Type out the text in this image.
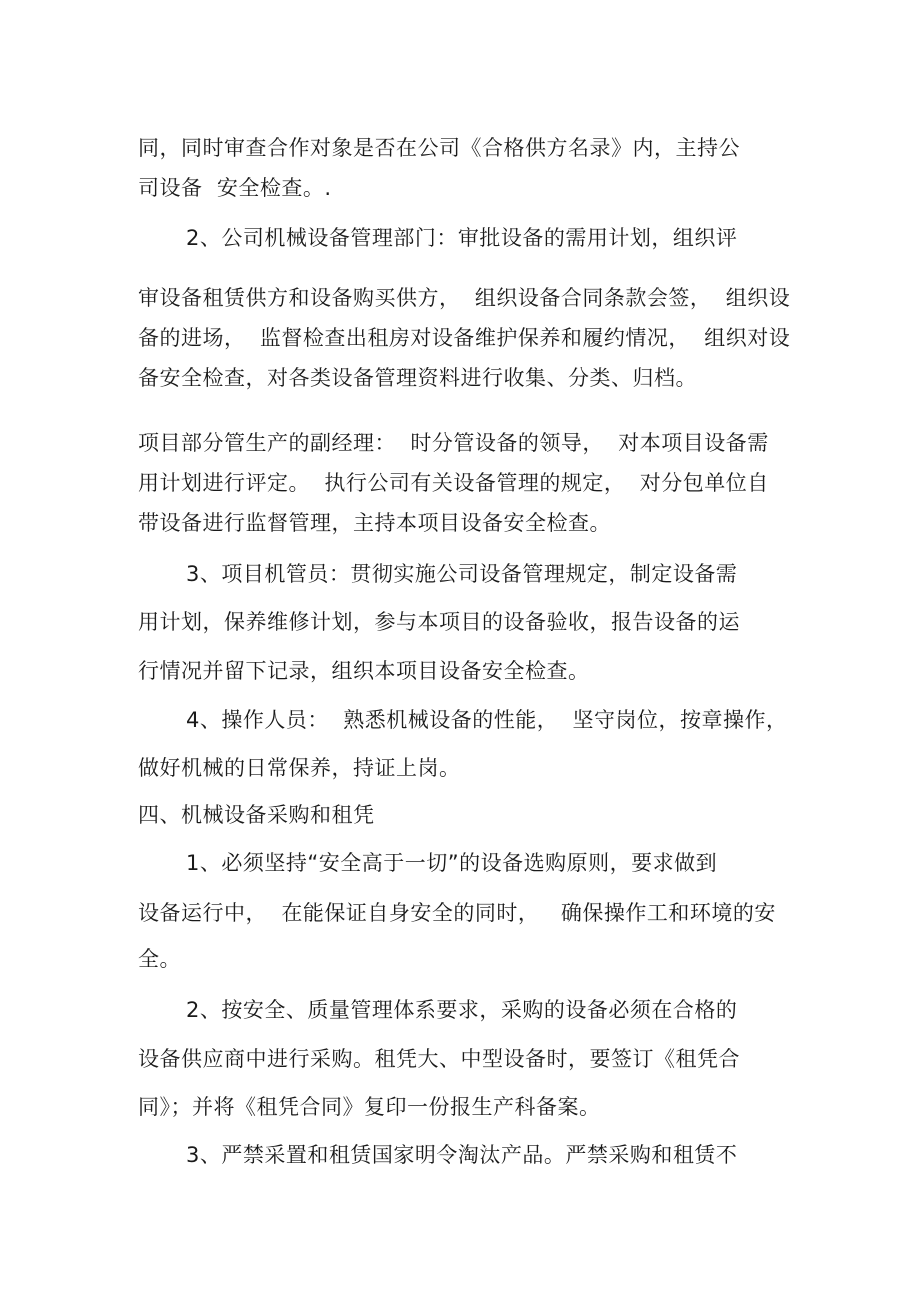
同，同时审查合作对象是否在公司《合格供方名录》内，主持公
司设备  安全检查。.
2、公司机械设备管理部门：审批设备的需用计划，组织评
审设备租赁供方和设备购买供方，  组织设备合同条款会签，  组织设
备的进场，  监督检查出租房对设备维护保养和履约情况，  组织对设
备安全检查，对各类设备管理资料进行收集、分类、归档。
项目部分管生产的副经理：  时分管设备的领导，  对本项目设备需
用计划进行评定。  执行公司有关设备管理的规定，  对分包单位自
带设备进行监督管理，主持本项目设备安全检查。
3、项目机管员：贯彻实施公司设备管理规定，制定设备需
用计划，保养维修计划，参与本项目的设备验收，报告设备的运
行情况并留下记录，组织本项目设备安全检查。
4、操作人员：  熟悉机械设备的性能，  坚守岗位，按章操作，
做好机械的日常保养，持证上岗。
四、机械设备采购和租凭
1、必须坚持“安全高于一切”的设备选购原则，要求做到
设备运行中，  在能保证自身安全的同时，   确保操作工和环境的安
全。
2、按安全、质量管理体系要求，采购的设备必须在合格的
设备供应商中进行采购。租凭大、中型设备时，要签订《租凭合
同》；并将《租凭合同》复印一份报生产科备案。
3、严禁采置和租赁国家明令淘汰产品。严禁采购和租赁不
